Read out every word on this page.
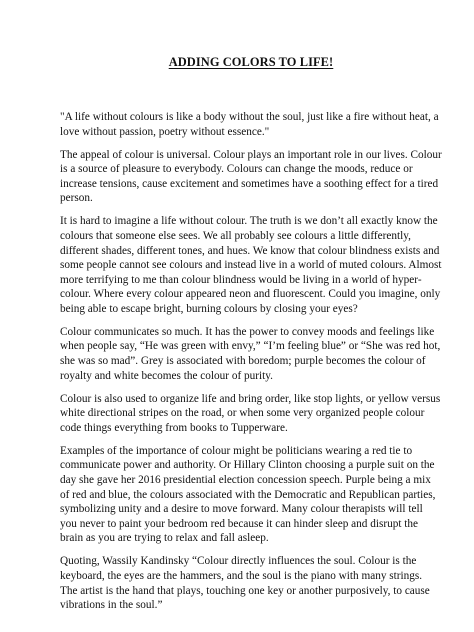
ADDING COLORS TO LIFE!

"A life without colours is like a body without the soul, just like a fire without heat, a love without passion, poetry without essence."

The appeal of colour is universal. Colour plays an important role in our lives. Colour is a source of pleasure to everybody. Colours can change the moods, reduce or increase tensions, cause excitement and sometimes have a soothing effect for a tired person.

It is hard to imagine a life without colour. The truth is we don’t all exactly know the colours that someone else sees. We all probably see colours a little differently, different shades, different tones, and hues. We know that colour blindness exists and some people cannot see colours and instead live in a world of muted colours. Almost more terrifying to me than colour blindness would be living in a world of hyper-colour. Where every colour appeared neon and fluorescent. Could you imagine, only being able to escape bright, burning colours by closing your eyes?

Colour communicates so much. It has the power to convey moods and feelings like when people say, “He was green with envy,” “I’m feeling blue” or “She was red hot, she was so mad”. Grey is associated with boredom; purple becomes the colour of royalty and white becomes the colour of purity.

Colour is also used to organize life and bring order, like stop lights, or yellow versus white directional stripes on the road, or when some very organized people colour code things everything from books to Tupperware.

Examples of the importance of colour might be politicians wearing a red tie to communicate power and authority. Or Hillary Clinton choosing a purple suit on the day she gave her 2016 presidential election concession speech. Purple being a mix of red and blue, the colours associated with the Democratic and Republican parties, symbolizing unity and a desire to move forward. Many colour therapists will tell you never to paint your bedroom red because it can hinder sleep and disrupt the brain as you are trying to relax and fall asleep.

Quoting, Wassily Kandinsky “Colour directly influences the soul. Colour is the keyboard, the eyes are the hammers, and the soul is the piano with many strings. The artist is the hand that plays, touching one key or another purposively, to cause vibrations in the soul.”
